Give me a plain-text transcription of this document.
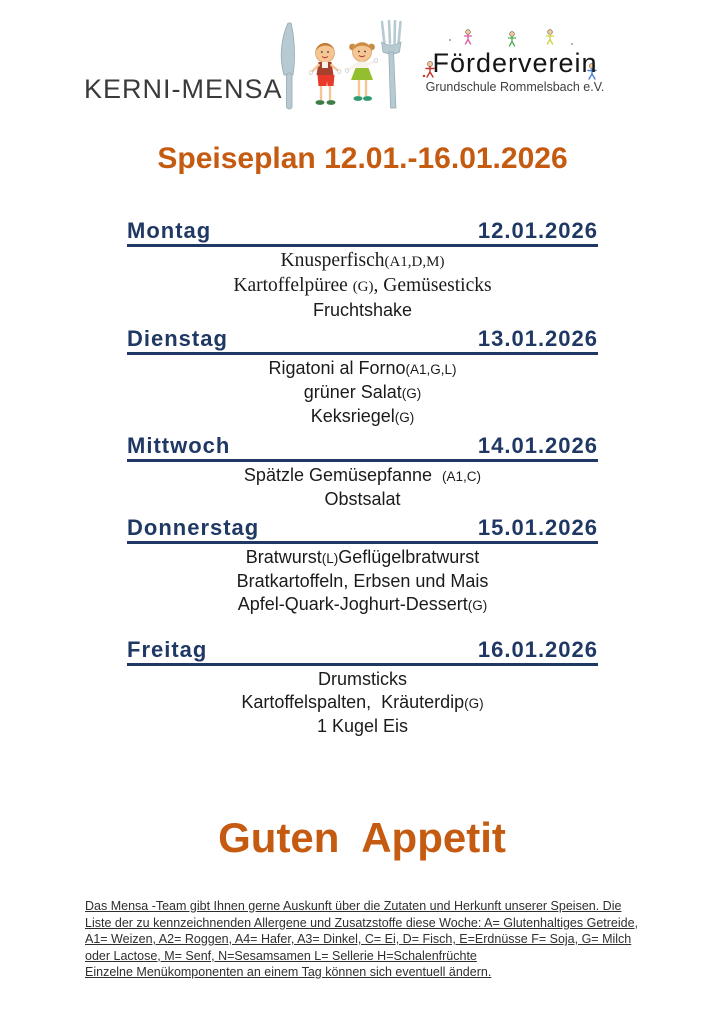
KERNI-MENSA
Förderverein
Grundschule Rommelsbach e.V.
Speiseplan 12.01.-16.01.2026
Montag	12.01.2026
Knusperfisch(A1,D,M)
Kartoffelpüree (G), Gemüsesticks
Fruchtshake
Dienstag	13.01.2026
Rigatoni al Forno(A1,G,L)
grüner Salat(G)
Keksriegel(G)
Mittwoch	14.01.2026
Spätzle Gemüsepfanne  (A1,C)
Obstsalat
Donnerstag	15.01.2026
Bratwurst(L)Geflügelbratwurst
Bratkartoffeln, Erbsen und Mais
Apfel-Quark-Joghurt-Dessert(G)
Freitag	16.01.2026
Drumsticks
Kartoffelspalten,  Kräuterdip(G)
1 Kugel Eis
Guten  Appetit
Das Mensa -Team gibt Ihnen gerne Auskunft über die Zutaten und Herkunft unserer Speisen. Die
Liste der zu kennzeichnenden Allergene und Zusatzstoffe diese Woche: A= Glutenhaltiges Getreide,
A1= Weizen, A2= Roggen, A4= Hafer, A3= Dinkel, C= Ei, D= Fisch, E=Erdnüsse F= Soja, G= Milch
oder Lactose, M= Senf, N=Sesamsamen L= Sellerie H=Schalenfrüchte
Einzelne Menükomponenten an einem Tag können sich eventuell ändern.
